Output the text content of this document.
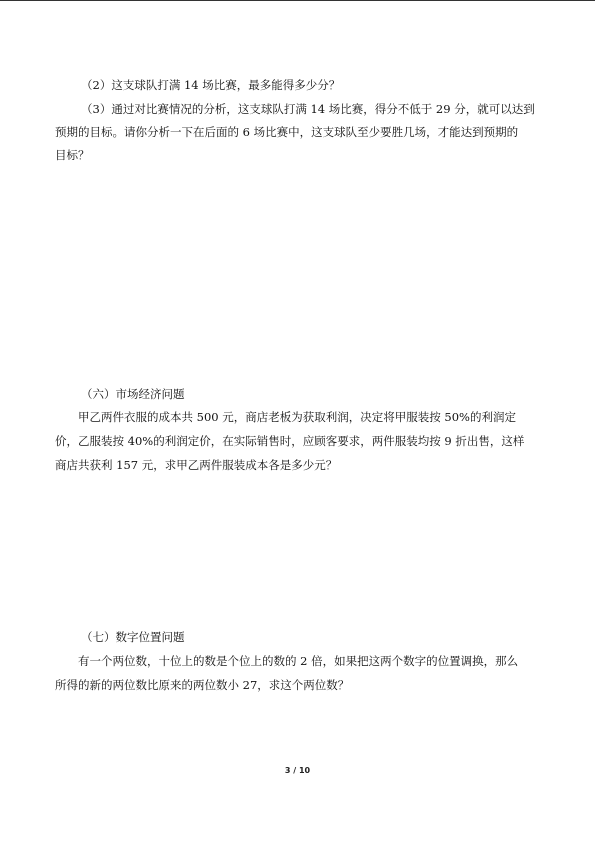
（2）这支球队打满 14 场比赛，最多能得多少分？
（3）通过对比赛情况的分析，这支球队打满 14 场比赛，得分不低于 29 分，就可以达到
预期的目标。请你分析一下在后面的 6 场比赛中，这支球队至少要胜几场，才能达到预期的
目标？
（六）市场经济问题
甲乙两件衣服的成本共 500 元，商店老板为获取利润，决定将甲服装按 50%的利润定
价，乙服装按 40%的利润定价，在实际销售时，应顾客要求，两件服装均按 9 折出售，这样
商店共获利 157 元，求甲乙两件服装成本各是多少元？
（七）数字位置问题
有一个两位数，十位上的数是个位上的数的 2 倍，如果把这两个数字的位置调换，那么
所得的新的两位数比原来的两位数小 27，求这个两位数？
3 / 10
